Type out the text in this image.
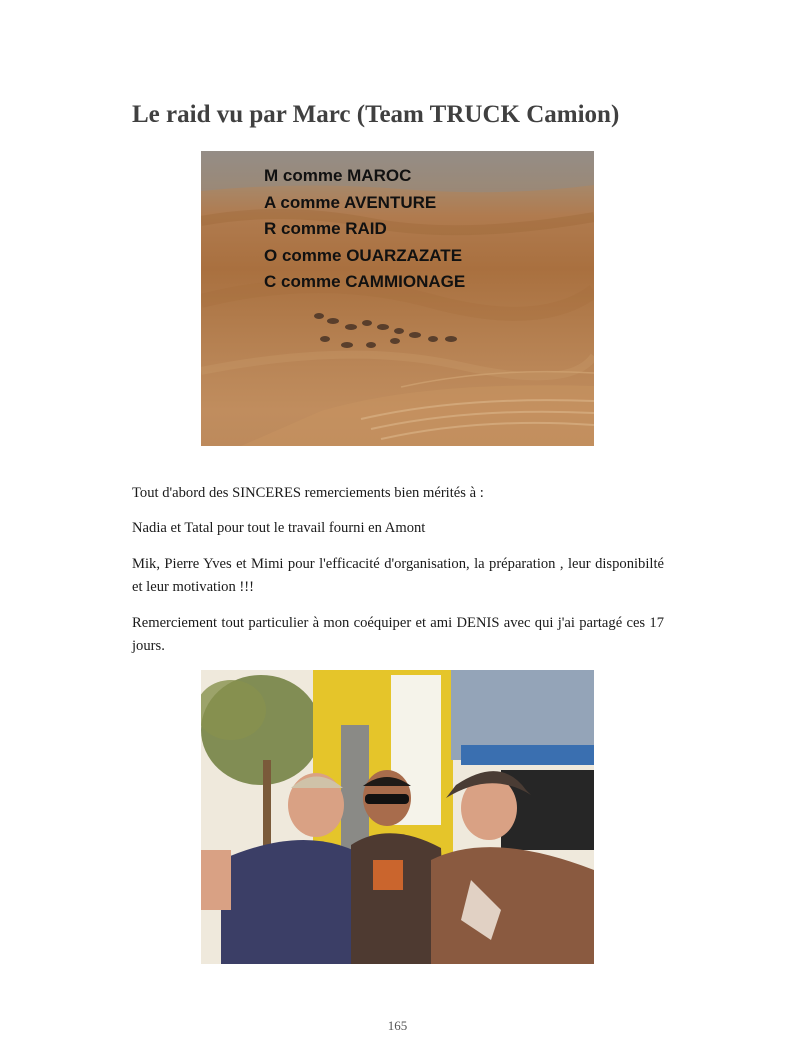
Le raid vu par Marc (Team TRUCK Camion)
M comme MAROC
A comme AVENTURE
R comme RAID
O comme OUARZAZATE
C comme CAMMIONAGE

Tout d'abord des SINCERES remerciements bien mérités à :

Nadia et Tatal pour tout le travail fourni en Amont

Mik, Pierre Yves et Mimi pour l'efficacité d'organisation, la préparation , leur disponibilté et leur motivation !!!

Remerciement tout particulier à mon coéquiper et ami DENIS avec qui j'ai partagé ces 17 jours.

165
